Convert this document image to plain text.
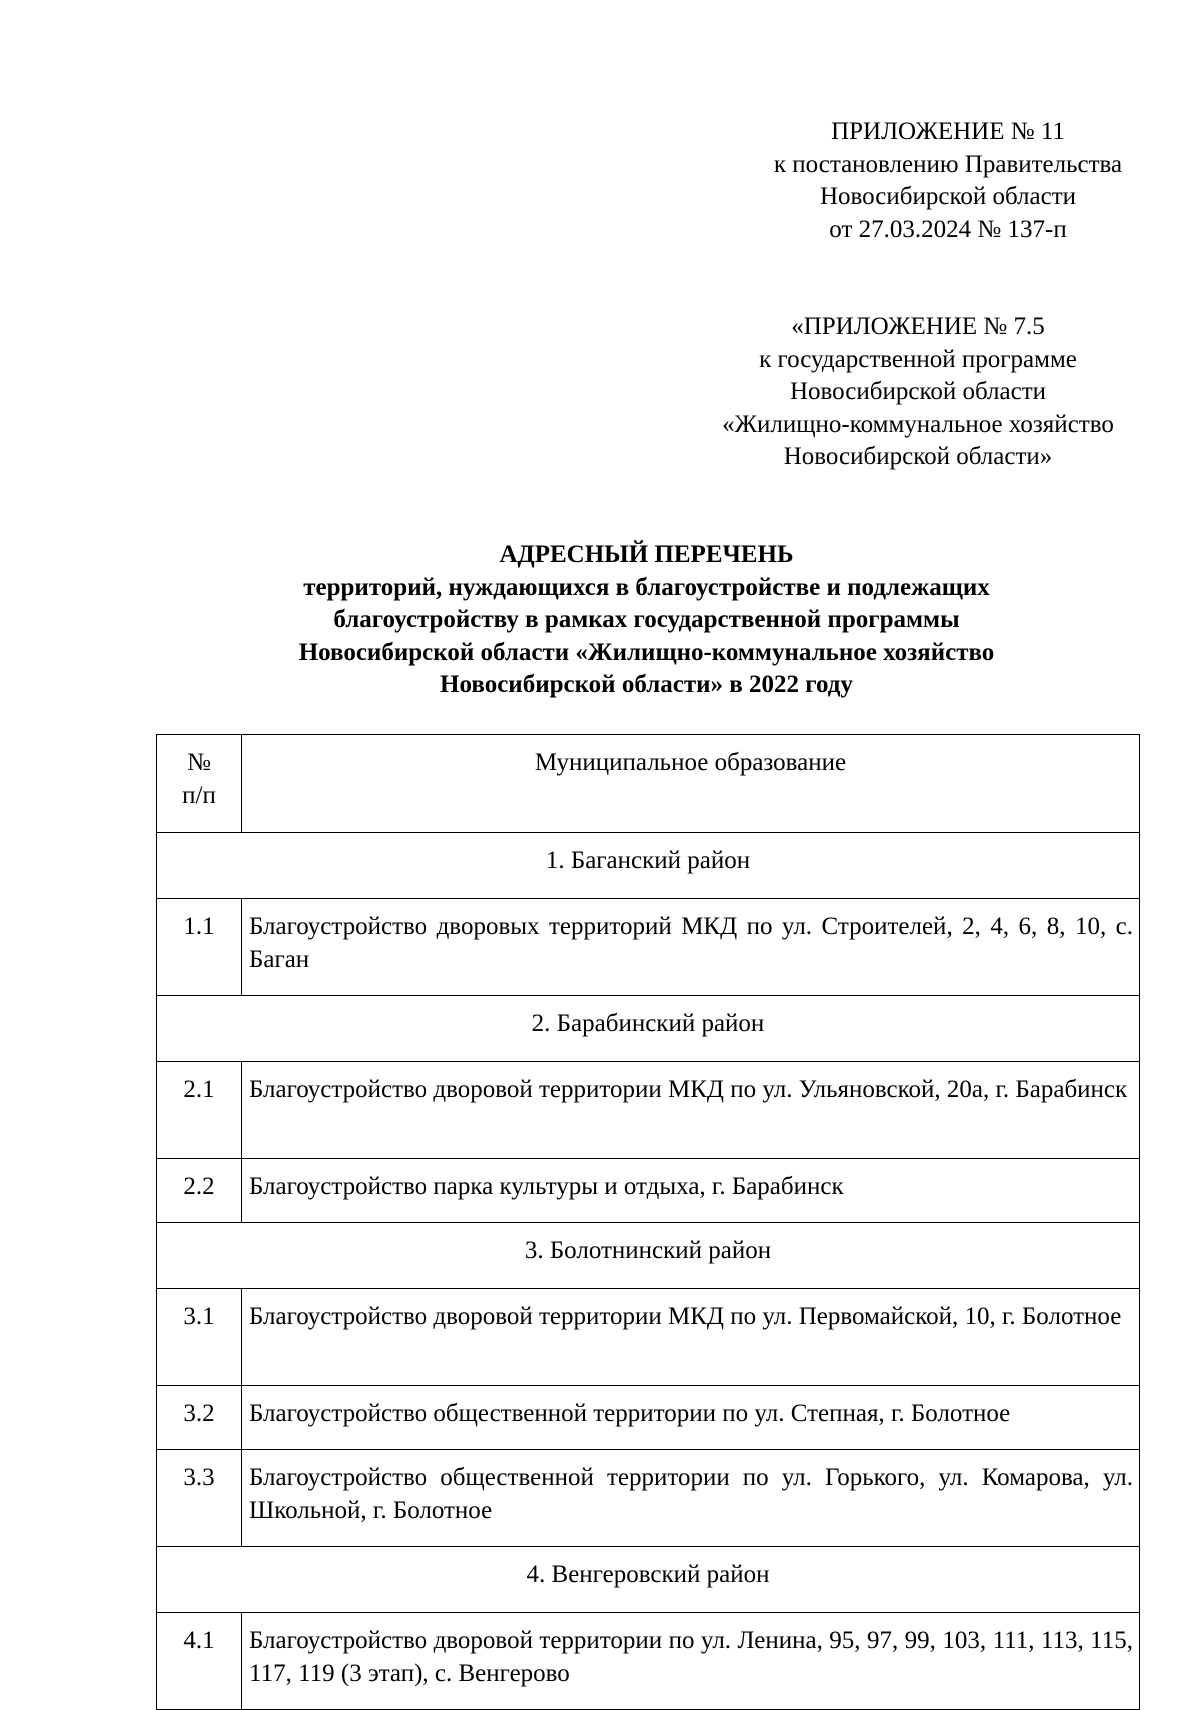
ПРИЛОЖЕНИЕ № 11
к постановлению Правительства
Новосибирской области
от 27.03.2024 № 137-п
«ПРИЛОЖЕНИЕ № 7.5
к государственной программе
Новосибирской области
«Жилищно-коммунальное хозяйство
Новосибирской области»
АДРЕСНЫЙ ПЕРЕЧЕНЬ
территорий, нуждающихся в благоустройстве и подлежащих
благоустройству в рамках государственной программы
Новосибирской области «Жилищно-коммунальное хозяйство
Новосибирской области» в 2022 году
№
п/п	Муниципальное образование
1. Баганский район	
1.1	Благоустройство дворовых территорий МКД по ул. Строителей, 2, 4, 6, 8, 10, с. Баган
2. Барабинский район	
2.1	Благоустройство дворовой территории МКД по ул. Ульяновской, 20а, г. Барабинск
2.2	Благоустройство парка культуры и отдыха, г. Барабинск
3. Болотнинский район	
3.1	Благоустройство дворовой территории МКД по ул. Первомайской, 10, г. Болотное
3.2	Благоустройство общественной территории по ул. Степная, г. Болотное
3.3	Благоустройство общественной территории по ул. Горького, ул. Комарова, ул. Школьной, г. Болотное
4. Венгеровский район	
4.1	Благоустройство дворовой территории по ул. Ленина, 95, 97, 99, 103, 111, 113, 115, 117, 119 (3 этап), с. Венгерово
